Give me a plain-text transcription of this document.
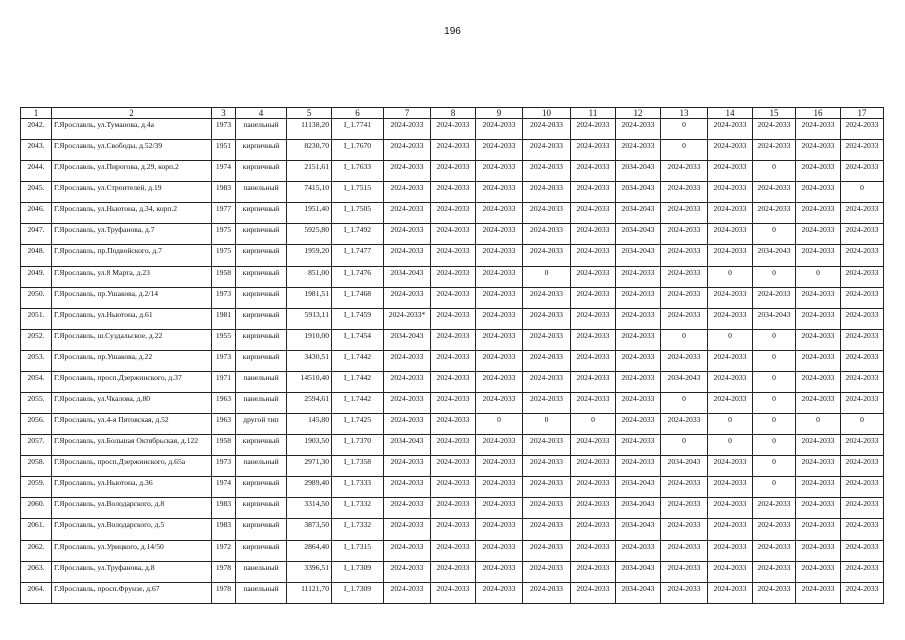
196
1	2	3	4	5	6	7	8	9	10	11	12	13	14	15	16	17
2042.	Г.Ярославль, ул.Туманова, д.4а	1973	панельный	11138,20	I_1.7741	2024-2033	2024-2033	2024-2033	2024-2033	2024-2033	2024-2033	0	2024-2033	2024-2033	2024-2033	2024-2033
2043.	Г.Ярославль, ул.Свободы, д.52/39	1951	кирпичный	8230,70	I_1.7670	2024-2033	2024-2033	2024-2033	2024-2033	2024-2033	2024-2033	0	2024-2033	2024-2033	2024-2033	2024-2033
2044.	Г.Ярославль, ул.Пирогова, д.29, корп.2	1974	кирпичный	2151,61	I_1.7633	2024-2033	2024-2033	2024-2033	2024-2033	2024-2033	2034-2043	2024-2033	2024-2033	0	2024-2033	2024-2033
2045.	Г.Ярославль, ул.Строителей, д.19	1983	панельный	7415,10	I_1.7515	2024-2033	2024-2033	2024-2033	2024-2033	2024-2033	2034-2043	2024-2033	2024-2033	2024-2033	2024-2033	0
2046.	Г.Ярославль, ул.Ньютона, д.34, корп.2	1977	кирпичный	1951,40	I_1.7505	2024-2033	2024-2033	2024-2033	2024-2033	2024-2033	2034-2043	2024-2033	2024-2033	2024-2033	2024-2033	2024-2033
2047.	Г.Ярославль, ул.Труфанова, д.7	1975	кирпичный	5925,80	I_1.7492	2024-2033	2024-2033	2024-2033	2024-2033	2024-2033	2034-2043	2024-2033	2024-2033	0	2024-2033	2024-2033
2048.	Г.Ярославль, пр.Подвойского, д.7	1975	кирпичный	1959,20	I_1.7477	2024-2033	2024-2033	2024-2033	2024-2033	2024-2033	2034-2043	2024-2033	2024-2033	2034-2043	2024-2033	2024-2033
2049.	Г.Ярославль, ул.8 Марта, д.23	1958	кирпичный	851,00	I_1.7476	2034-2043	2024-2033	2024-2033	0	2024-2033	2024-2033	2024-2033	0	0	0	2024-2033
2050.	Г.Ярославль, пр.Ушакова, д.2/14	1973	кирпичный	1981,51	I_1.7468	2024-2033	2024-2033	2024-2033	2024-2033	2024-2033	2024-2033	2024-2033	2024-2033	2024-2033	2024-2033	2024-2033
2051.	Г.Ярославль, ул.Ньютона, д.61	1981	кирпичный	5913,11	I_1.7459	2024-2033*	2024-2033	2024-2033	2024-2033	2024-2033	2024-2033	2024-2033	2024-2033	2034-2043	2024-2033	2024-2033
2052.	Г.Ярославль, ш.Суздальское, д.22	1955	кирпичный	1910,00	I_1.7454	2034-2043	2024-2033	2024-2033	2024-2033	2024-2033	2024-2033	0	0	0	2024-2033	2024-2033
2053.	Г.Ярославль, пр.Ушакова, д.22	1973	кирпичный	3430,51	I_1.7442	2024-2033	2024-2033	2024-2033	2024-2033	2024-2033	2024-2033	2024-2033	2024-2033	0	2024-2033	2024-2033
2054.	Г.Ярославль, просп.Дзержинского, д.37	1971	панельный	14510,40	I_1.7442	2024-2033	2024-2033	2024-2033	2024-2033	2024-2033	2024-2033	2034-2043	2024-2033	0	2024-2033	2024-2033
2055.	Г.Ярославль, ул.Чкалова, д.80	1963	панельный	2594,61	I_1.7442	2024-2033	2024-2033	2024-2033	2024-2033	2024-2033	2024-2033	0	2024-2033	0	2024-2033	2024-2033
2056.	Г.Ярославль, ул.4-я Пятовская, д.52	1963	другой тип	145,80	I_1.7425	2024-2033	2024-2033	0	0	0	2024-2033	2024-2033	0	0	0	0
2057.	Г.Ярославль, ул.Большая Октябрьская, д.122	1958	кирпичный	1903,50	I_1.7370	2034-2043	2024-2033	2024-2033	2024-2033	2024-2033	2024-2033	0	0	0	2024-2033	2024-2033
2058.	Г.Ярославль, просп.Дзержинского, д.65а	1973	панельный	2971,30	I_1.7358	2024-2033	2024-2033	2024-2033	2024-2033	2024-2033	2024-2033	2034-2043	2024-2033	0	2024-2033	2024-2033
2059.	Г.Ярославль, ул.Ньютона, д.36	1974	кирпичный	2989,40	I_1.7333	2024-2033	2024-2033	2024-2033	2024-2033	2024-2033	2034-2043	2024-2033	2024-2033	0	2024-2033	2024-2033
2060.	Г.Ярославль, ул.Володарского, д.8	1983	кирпичный	3314,50	I_1.7332	2024-2033	2024-2033	2024-2033	2024-2033	2024-2033	2034-2043	2024-2033	2024-2033	2024-2033	2024-2033	2024-2033
2061.	Г.Ярославль, ул.Володарского, д.5	1983	кирпичный	3873,50	I_1.7332	2024-2033	2024-2033	2024-2033	2024-2033	2024-2033	2034-2043	2024-2033	2024-2033	2024-2033	2024-2033	2024-2033
2062.	Г.Ярославль, ул.Урицкого, д.14/50	1972	кирпичный	2864,40	I_1.7315	2024-2033	2024-2033	2024-2033	2024-2033	2024-2033	2024-2033	2024-2033	2024-2033	2024-2033	2024-2033	2024-2033
2063.	Г.Ярославль, ул.Труфанова, д.8	1978	панельный	3396,51	I_1.7309	2024-2033	2024-2033	2024-2033	2024-2033	2024-2033	2034-2043	2024-2033	2024-2033	2024-2033	2024-2033	2024-2033
2064.	Г.Ярославль, просп.Фрунзе, д.67	1978	панельный	11121,70	I_1.7309	2024-2033	2024-2033	2024-2033	2024-2033	2024-2033	2034-2043	2024-2033	2024-2033	2024-2033	2024-2033	2024-2033
